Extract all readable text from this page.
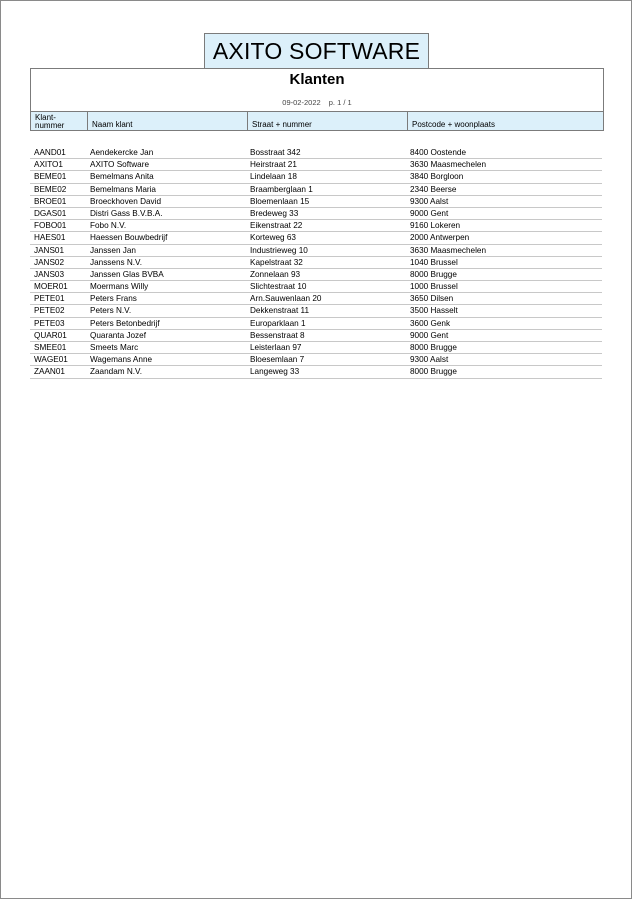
AXITO SOFTWARE
Klanten
09-02-2022 p. 1 / 1
Klant-
nummer	Naam klant	Straat + nummer	Postcode + woonplaats
AAND01	Aendekercke Jan	Bosstraat 342	8400 Oostende
AXITO1	AXITO Software	Heirstraat 21	3630 Maasmechelen
BEME01	Bemelmans Anita	Lindelaan 18	3840 Borgloon
BEME02	Bemelmans Maria	Braamberglaan 1	2340 Beerse
BROE01	Broeckhoven David	Bloemenlaan 15	9300 Aalst
DGAS01	Distri Gass B.V.B.A.	Bredeweg 33	9000 Gent
FOBO01	Fobo N.V.	Eikenstraat 22	9160 Lokeren
HAES01	Haessen Bouwbedrijf	Korteweg 63	2000 Antwerpen
JANS01	Janssen Jan	Industrieweg 10	3630 Maasmechelen
JANS02	Janssens N.V.	Kapelstraat 32	1040 Brussel
JANS03	Janssen Glas BVBA	Zonnelaan 93	8000 Brugge
MOER01	Moermans Willy	Slichtestraat 10	1000 Brussel
PETE01	Peters Frans	Arn.Sauwenlaan 20	3650 Dilsen
PETE02	Peters N.V.	Dekkenstraat 11	3500 Hasselt
PETE03	Peters Betonbedrijf	Europarklaan 1	3600 Genk
QUAR01	Quaranta Jozef	Bessenstraat 8	9000 Gent
SMEE01	Smeets Marc	Leisterlaan 97	8000 Brugge
WAGE01	Wagemans Anne	Bloesemlaan 7	9300 Aalst
ZAAN01	Zaandam N.V.	Langeweg 33	8000 Brugge
